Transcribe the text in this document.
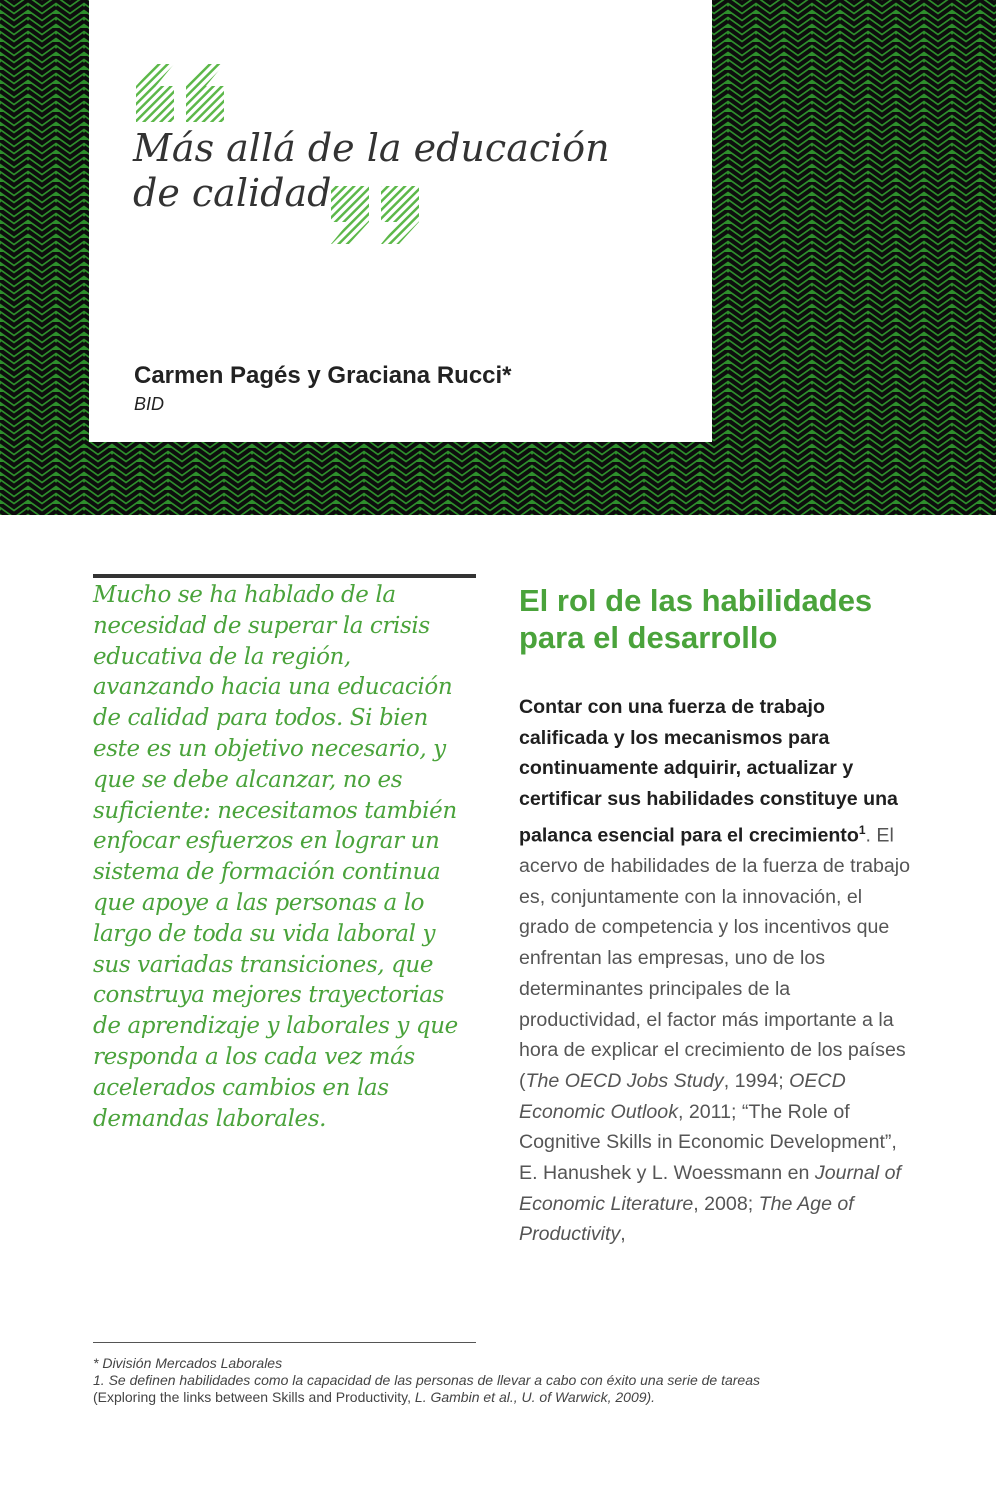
Más allá de la educación de calidad

Carmen Pagés y Graciana Rucci*

BID

Mucho se ha hablado de la necesidad de superar la crisis educativa de la región, avanzando hacia una educación de calidad para todos. Si bien este es un objetivo necesario, y que se debe alcanzar, no es suficiente: necesitamos también enfocar esfuerzos en lograr un sistema de formación continua que apoye a las personas a lo largo de toda su vida laboral y sus variadas transiciones, que construya mejores trayectorias de aprendizaje y laborales y que responda a los cada vez más acelerados cambios en las demandas laborales.

El rol de las habilidades para el desarrollo

Contar con una fuerza de trabajo calificada y los mecanismos para continuamente adquirir, actualizar y certificar sus habilidades constituye una palanca esencial para el crecimiento$^1$. El acervo de habilidades de la fuerza de trabajo es, conjuntamente con la innovación, el grado de competencia y los incentivos que enfrentan las empresas, uno de los determinantes principales de la productividad, el factor más importante a la hora de explicar el crecimiento de los países (The OECD Jobs Study, 1994; OECD Economic Outlook, 2011; “The Role of Cognitive Skills in Economic Development”, E. Hanushek y L. Woessmann en Journal of Economic Literature, 2008; The Age of Productivity,

* División Mercados Laborales
1. Se definen habilidades como la capacidad de las personas de llevar a cabo con éxito una serie de tareas
(Exploring the links between Skills and Productivity, L. Gambin et al., U. of Warwick, 2009).
